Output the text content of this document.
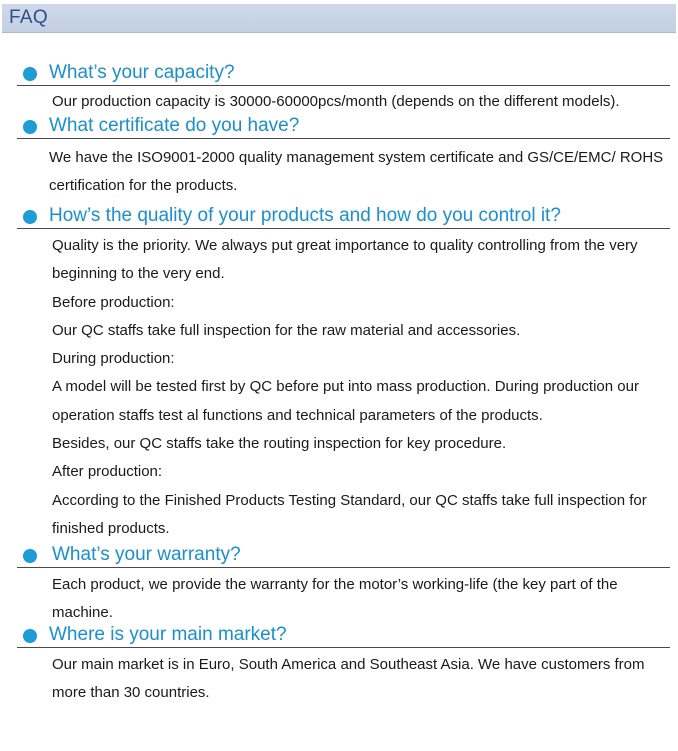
FAQ
What’s your capacity?

Our production capacity is 30000-60000pcs/month (depends on the different models).

What certificate do you have?

We have the ISO9001-2000 quality management system certificate and GS/CE/EMC/ ROHS certification for the products.

How’s the quality of your products and how do you control it?

Quality is the priority. We always put great importance to quality controlling from the very beginning to the very end.

Before production:

Our QC staffs take full inspection for the raw material and accessories.

During production:

A model will be tested first by QC before put into mass production. During production our operation staffs test al functions and technical parameters of the products.

Besides, our QC staffs take the routing inspection for key procedure.

After production:

According to the Finished Products Testing Standard, our QC staffs take full inspection for finished products.

What’s your warranty?

Each product, we provide the warranty for the motor’s working-life (the key part of the machine.

Where is your main market?

Our main market is in Euro, South America and Southeast Asia. We have customers from more than 30 countries.
